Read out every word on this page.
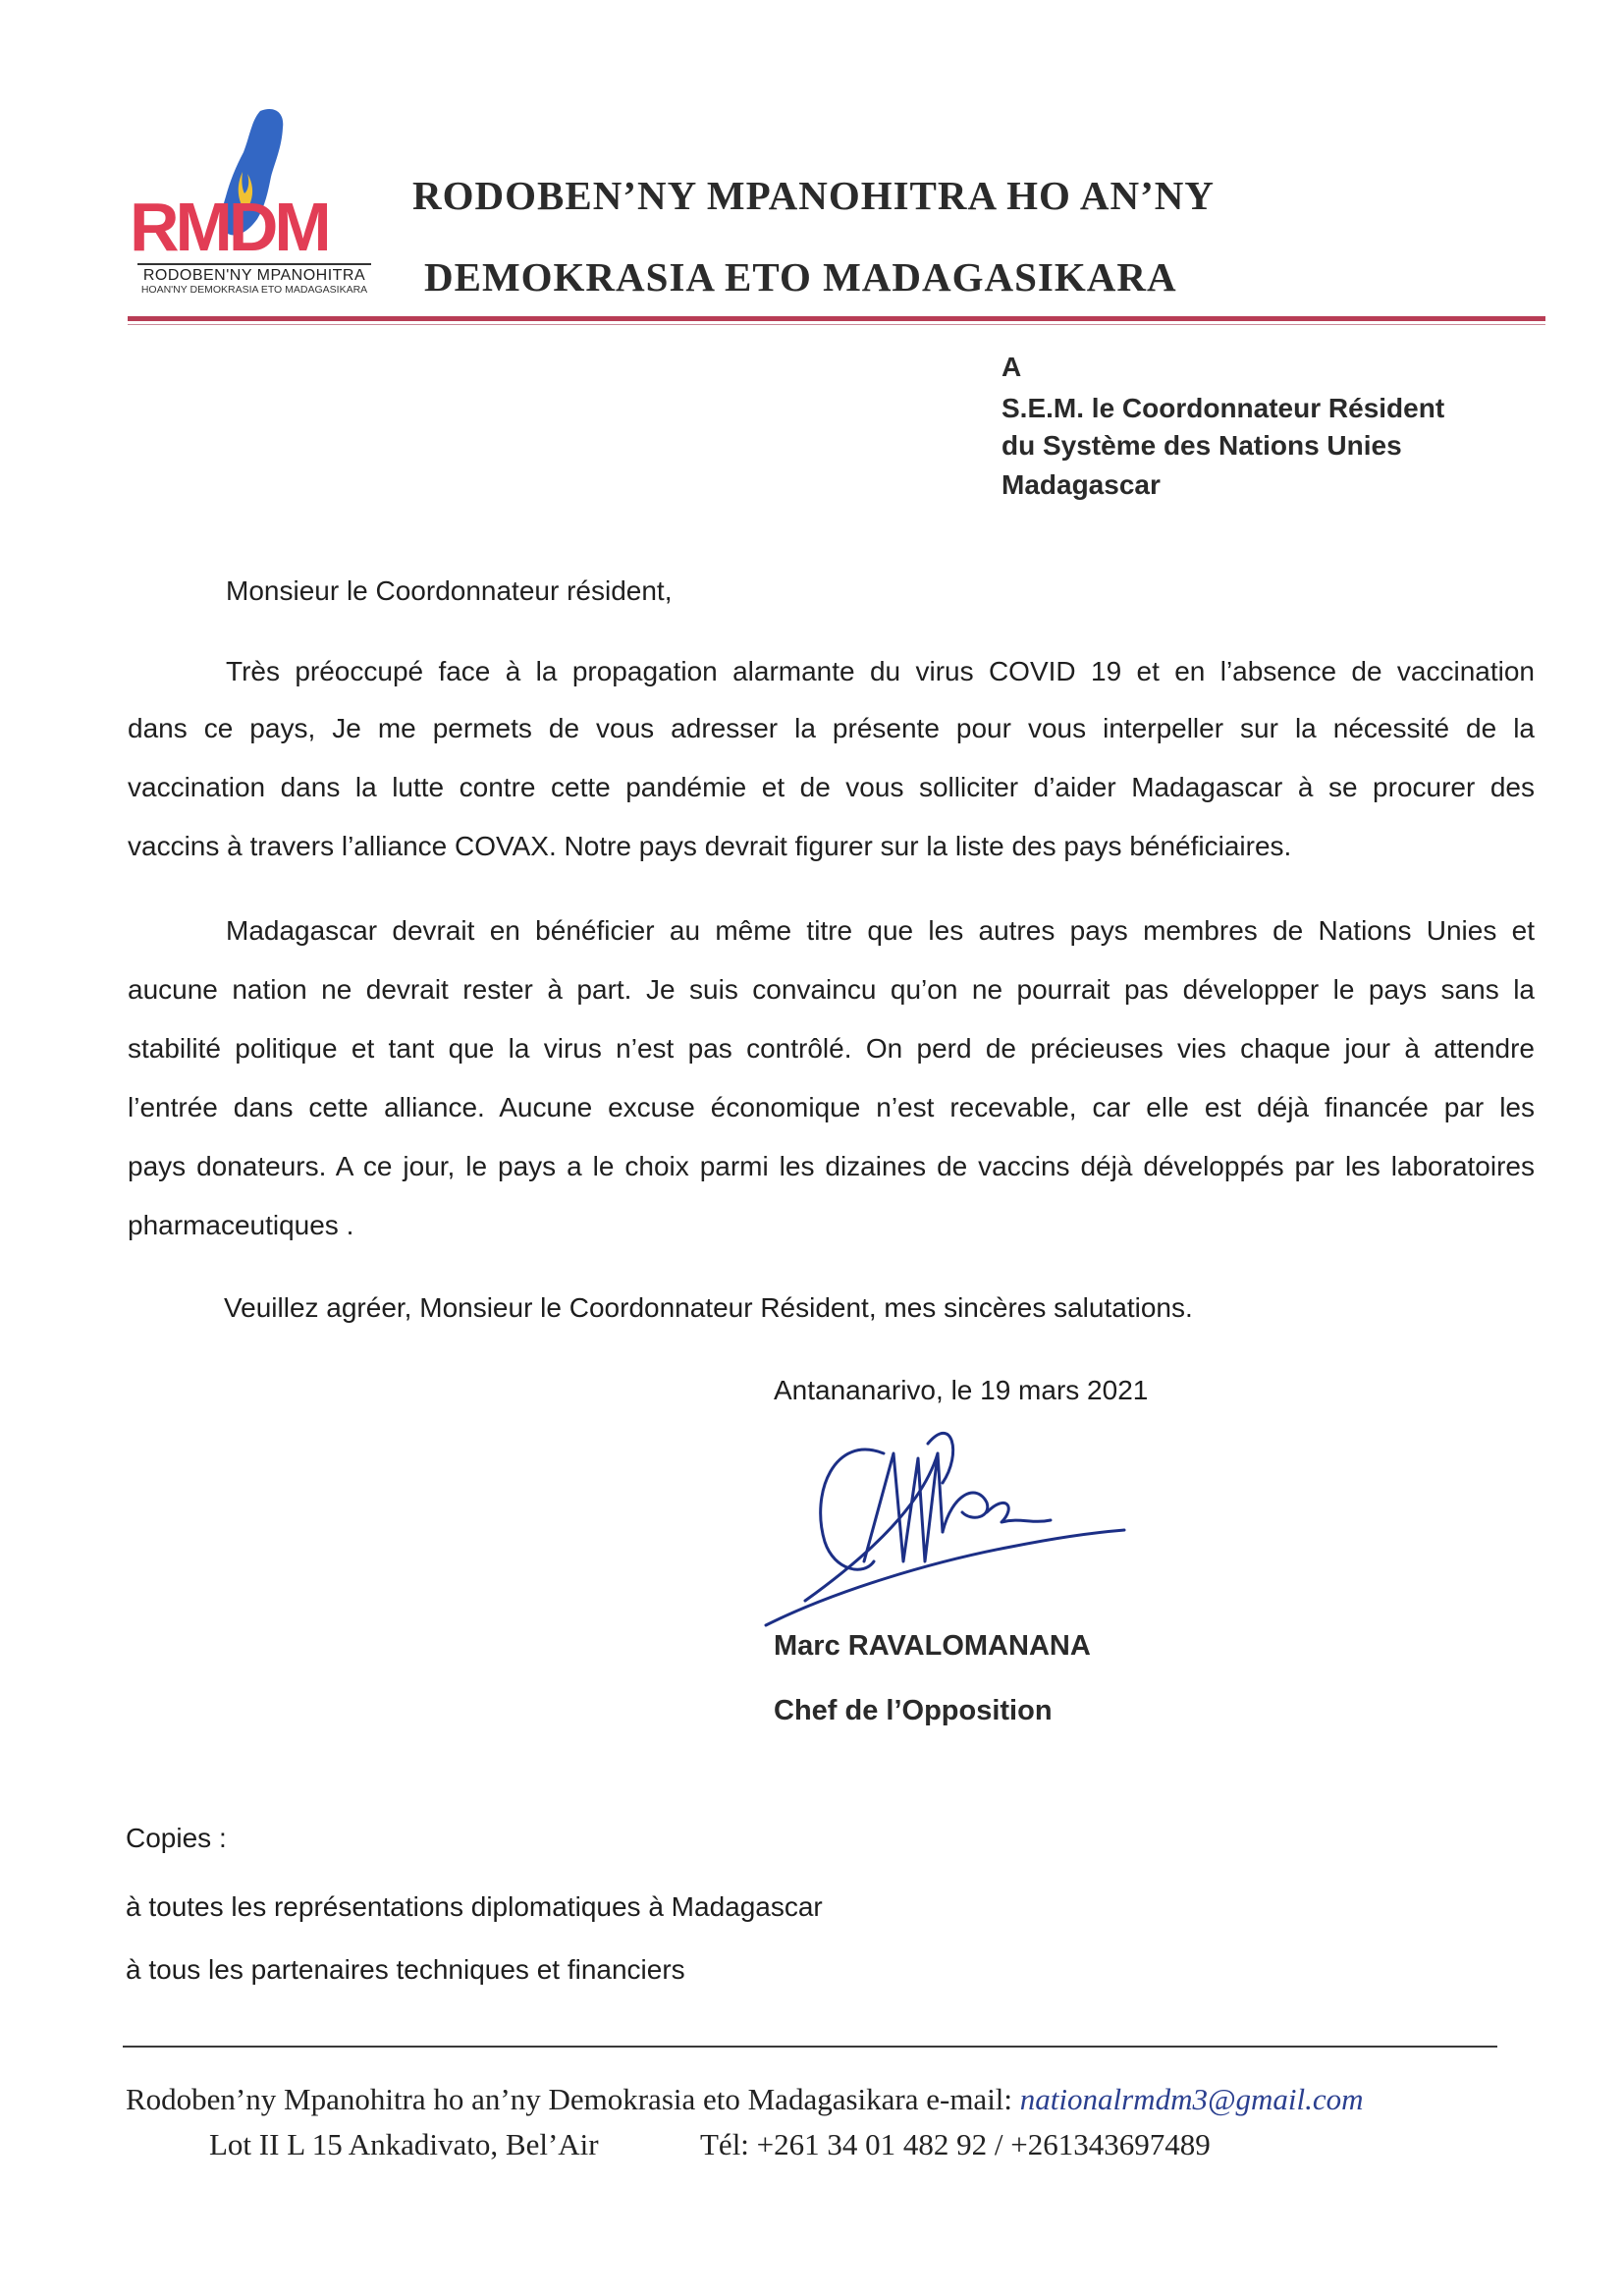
RMDM
RODOBEN'NY MPANOHITRA
HOAN'NY DEMOKRASIA ETO MADAGASIKARA
RODOBEN’NY MPANOHITRA HO AN’NY
DEMOKRASIA ETO MADAGASIKARA
A
S.E.M. le Coordonnateur Résident
du Système des Nations Unies
Madagascar
Monsieur le Coordonnateur résident,
Très préoccupé face à la propagation alarmante du virus COVID 19 et en l’absence de vaccination
dans ce pays, Je me permets de vous adresser la présente pour vous interpeller sur la nécessité de la
vaccination dans la lutte contre cette pandémie et de vous solliciter d’aider Madagascar à se procurer des
vaccins à travers l’alliance COVAX. Notre pays devrait figurer sur la liste des pays bénéficiaires.
Madagascar devrait en bénéficier au même titre que les autres pays membres de Nations Unies et
aucune nation ne devrait rester à part. Je suis convaincu qu’on ne pourrait pas développer le pays sans la
stabilité politique et tant que la virus n’est pas contrôlé. On perd de précieuses vies chaque jour à attendre
l’entrée dans cette alliance. Aucune excuse économique n’est recevable, car elle est déjà financée par les
pays donateurs. A ce jour, le pays a le choix parmi les dizaines de vaccins déjà développés par les laboratoires
pharmaceutiques .
Veuillez agréer, Monsieur le Coordonnateur Résident, mes sincères salutations.
Antananarivo, le 19 mars 2021
Marc RAVALOMANANA
Chef de l’Opposition
Copies :
à toutes les représentations diplomatiques à Madagascar
à tous les partenaires techniques et financiers
Rodoben’ny Mpanohitra ho an’ny Demokrasia eto Madagasikara e-mail: nationalrmdm3@gmail.com
Lot II L 15 Ankadivato, Bel’Air	Tél: +261 34 01 482 92 / +261343697489
